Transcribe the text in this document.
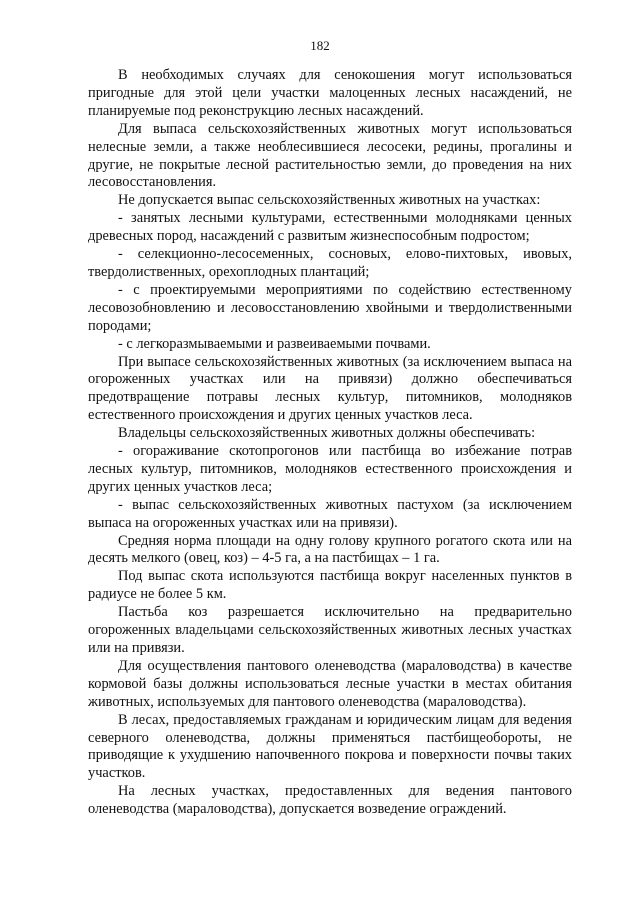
182

В необходимых случаях для сенокошения могут использоваться пригодные для этой цели участки малоценных лесных насаждений, не планируемые под реконструкцию лесных насаждений.

Для выпаса сельскохозяйственных животных могут использоваться нелесные земли, а также необлесившиеся лесосеки, редины, прогалины и другие, не покрытые лесной растительностью земли, до проведения на них лесовосстановления.

Не допускается выпас сельскохозяйственных животных на участках:

- занятых лесными культурами, естественными молодняками ценных древесных пород, насаждений с развитым жизнеспособным подростом;

- селекционно-лесосеменных, сосновых, елово-пихтовых, ивовых, твердолиственных, орехоплодных плантаций;

- с проектируемыми мероприятиями по содействию естественному лесовозобновлению и лесовосстановлению хвойными и твердолиственными породами;

- с легкоразмываемыми и развеиваемыми почвами.

При выпасе сельскохозяйственных животных (за исключением выпаса на огороженных участках или на привязи) должно обеспечиваться предотвращение потравы лесных культур, питомников, молодняков естественного происхождения и других ценных участков леса.

Владельцы сельскохозяйственных животных должны обеспечивать:

- огораживание скотопрогонов или пастбища во избежание потрав лесных культур, питомников, молодняков естественного происхождения и других ценных участков леса;

- выпас сельскохозяйственных животных пастухом (за исключением выпаса на огороженных участках или на привязи).

Средняя норма площади на одну голову крупного рогатого скота или на десять мелкого (овец, коз) – 4-5 га, а на пастбищах – 1 га.

Под выпас скота используются пастбища вокруг населенных пунктов в радиусе не более 5 км.

Пастьба коз разрешается исключительно на предварительно огороженных владельцами сельскохозяйственных животных лесных участках или на привязи.

Для осуществления пантового оленеводства (мараловодства) в качестве кормовой базы должны использоваться лесные участки в местах обитания животных, используемых для пантового оленеводства (мараловодства).

В лесах, предоставляемых гражданам и юридическим лицам для ведения северного оленеводства, должны применяться пастбищеобороты, не приводящие к ухудшению напочвенного покрова и поверхности почвы таких участков.

На лесных участках, предоставленных для ведения пантового оленеводства (мараловодства), допускается возведение ограждений.
